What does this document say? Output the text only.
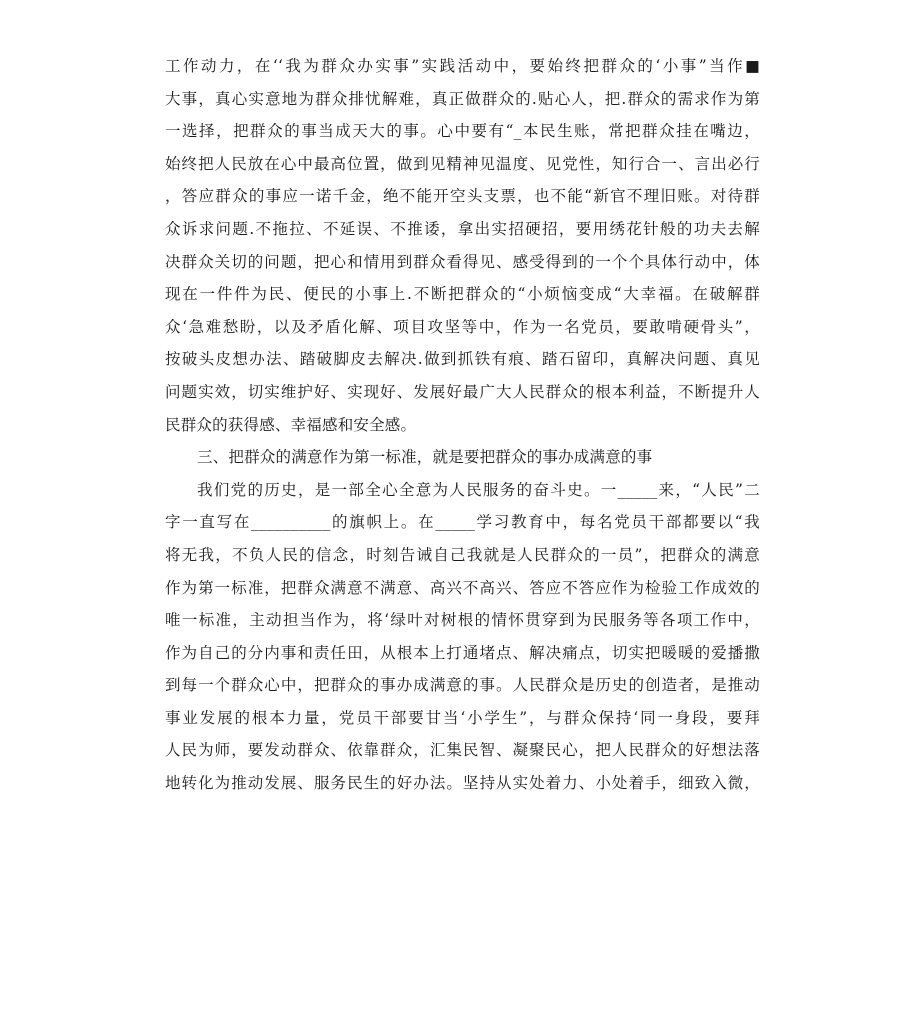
工作动力，在‘‘我为群众办实事”实践活动中，要始终把群众的‘小事”当作■
大事，真心实意地为群众排忧解难，真正做群众的.贴心人，把.群众的需求作为第
一选择，把群众的事当成天大的事。心中要有“_本民生账，常把群众挂在嘴边，
始终把人民放在心中最高位置，做到见精神见温度、见党性，知行合一、言出必行
，答应群众的事应一诺千金，绝不能开空头支票，也不能“新官不理旧账。对待群
众诉求问题.不拖拉、不延误、不推诿，拿出实招硬招，要用绣花针般的功夫去解
决群众关切的问题，把心和情用到群众看得见、感受得到的一个个具体行动中，体
现在一件件为民、便民的小事上.不断把群众的“小烦恼变成“大幸福。在破解群
众‘急难愁盼，以及矛盾化解、项目攻坚等中，作为一名党员，要敢啃硬骨头”，
按破头皮想办法、踏破脚皮去解决.做到抓铁有痕、踏石留印，真解决问题、真见
问题实效，切实维护好、实现好、发展好最广大人民群众的根本利益，不断提升人
民群众的获得感、幸福感和安全感。
三、把群众的满意作为第一标准，就是要把群众的事办成满意的事
我们党的历史，是一部全心全意为人民服务的奋斗史。一_____来，“人民”二
字一直写在__________的旗帜上。在_____学习教育中，每名党员干部都要以“我
将无我，不负人民的信念，时刻告诫自己我就是人民群众的一员”，把群众的满意
作为第一标准，把群众满意不满意、高兴不高兴、答应不答应作为检验工作成效的
唯一标准，主动担当作为，将‘绿叶对树根的情怀贯穿到为民服务等各项工作中，
作为自己的分内事和责任田，从根本上打通堵点、解决痛点，切实把暖暖的爱播撒
到每一个群众心中，把群众的事办成满意的事。人民群众是历史的创造者，是推动
事业发展的根本力量，党员干部要甘当‘小学生”，与群众保持‘同一身段，要拜
人民为师，要发动群众、依靠群众，汇集民智、凝聚民心，把人民群众的好想法落
地转化为推动发展、服务民生的好办法。坚持从实处着力、小处着手，细致入微，
